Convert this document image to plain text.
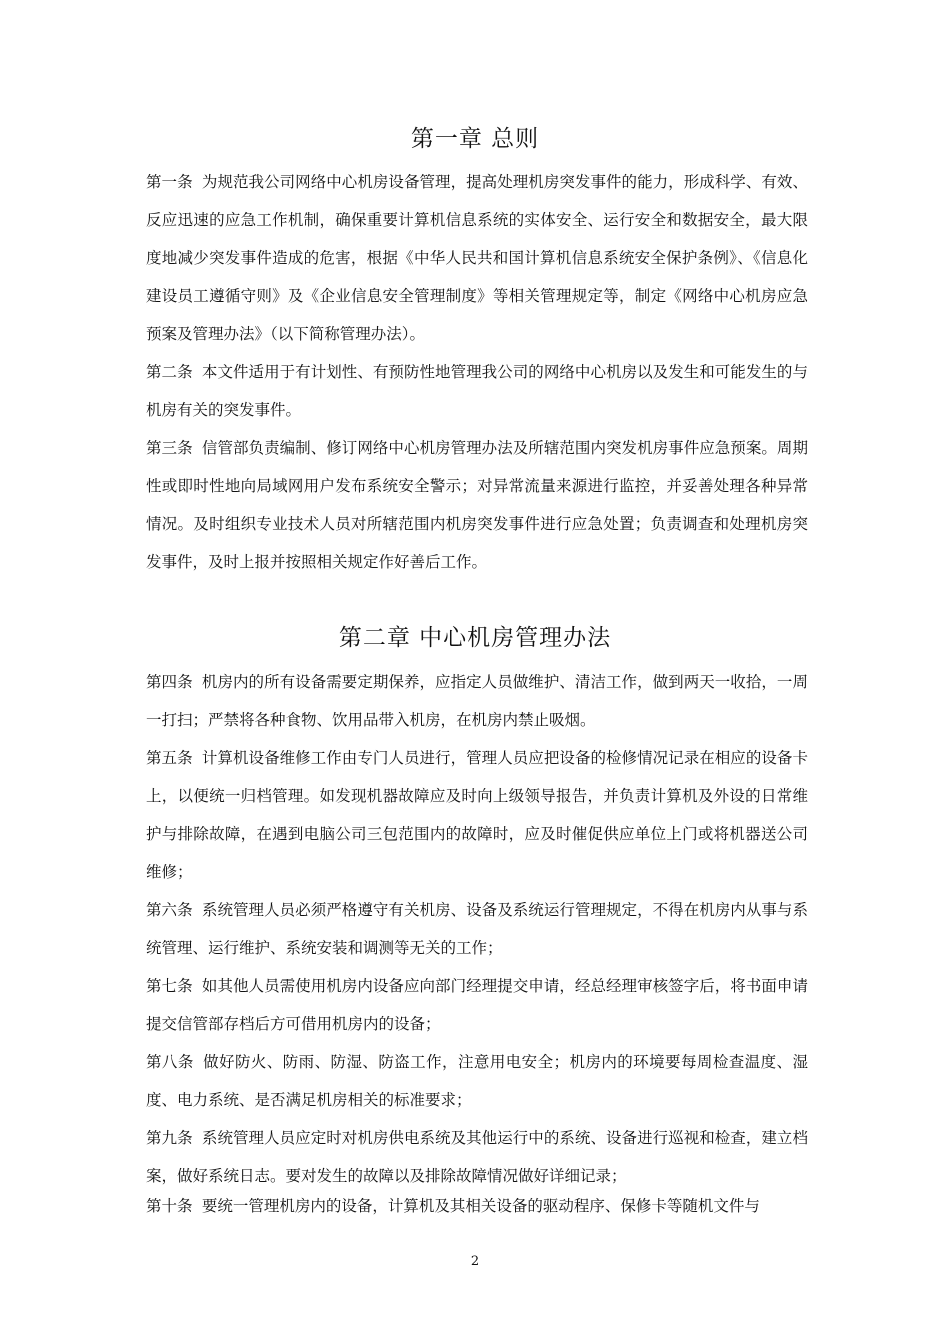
第一章 总则
第一条 为规范我公司网络中心机房设备管理，提高处理机房突发事件的能力，形成科学、有效、反应迅速的应急工作机制，确保重要计算机信息系统的实体安全、运行安全和数据安全，最大限度地减少突发事件造成的危害，根据《中华人民共和国计算机信息系统安全保护条例》、《信息化建设员工遵循守则》及《企业信息安全管理制度》等相关管理规定等，制定《网络中心机房应急预案及管理办法》（以下简称管理办法）。
第二条 本文件适用于有计划性、有预防性地管理我公司的网络中心机房以及发生和可能发生的与机房有关的突发事件。
第三条 信管部负责编制、修订网络中心机房管理办法及所辖范围内突发机房事件应急预案。周期性或即时性地向局域网用户发布系统安全警示；对异常流量来源进行监控，并妥善处理各种异常情况。及时组织专业技术人员对所辖范围内机房突发事件进行应急处置；负责调查和处理机房突发事件，及时上报并按照相关规定作好善后工作。
第二章 中心机房管理办法
第四条 机房内的所有设备需要定期保养，应指定人员做维护、清洁工作，做到两天一收拾，一周一打扫；严禁将各种食物、饮用品带入机房，在机房内禁止吸烟。
第五条 计算机设备维修工作由专门人员进行，管理人员应把设备的检修情况记录在相应的设备卡上，以便统一归档管理。如发现机器故障应及时向上级领导报告，并负责计算机及外设的日常维护与排除故障，在遇到电脑公司三包范围内的故障时，应及时催促供应单位上门或将机器送公司维修；
第六条 系统管理人员必须严格遵守有关机房、设备及系统运行管理规定，不得在机房内从事与系统管理、运行维护、系统安装和调测等无关的工作；
第七条 如其他人员需使用机房内设备应向部门经理提交申请，经总经理审核签字后，将书面申请提交信管部存档后方可借用机房内的设备；
第八条 做好防火、防雨、防湿、防盗工作，注意用电安全；机房内的环境要每周检查温度、湿度、电力系统、是否满足机房相关的标准要求；
第九条 系统管理人员应定时对机房供电系统及其他运行中的系统、设备进行巡视和检查，建立档案，做好系统日志。要对发生的故障以及排除故障情况做好详细记录；
第十条 要统一管理机房内的设备，计算机及其相关设备的驱动程序、保修卡等随机文件与
2
